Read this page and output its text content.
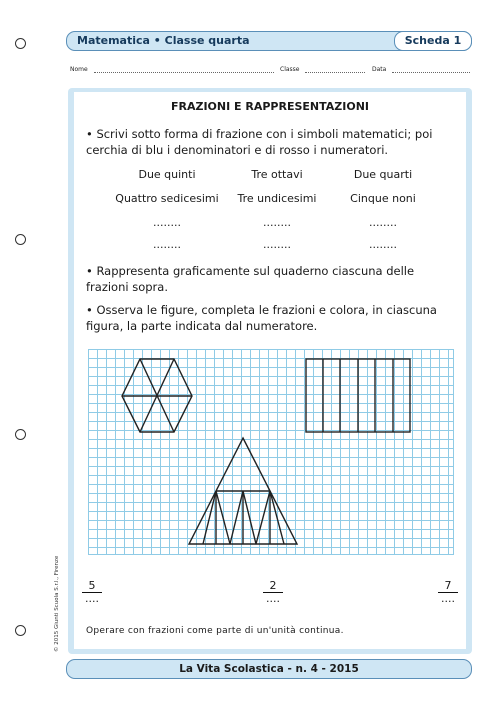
Matematica • Classe quarta	Scheda 1
Nome	Classe	Data
FRAZIONI E RAPPRESENTAZIONI
• Scrivi sotto forma di frazione con i simboli matematici; poi cerchia di blu i denominatori e di rosso i numeratori.
Due quinti	Tre ottavi	Due quarti
Quattro sedicesimi	Tre undicesimi	Cinque noni
........	........	........
........	........	........
• Rappresenta graficamente sul quaderno ciascuna delle frazioni sopra.
• Osserva le figure, completa le frazioni e colora, in ciascuna figura, la parte indicata dal numeratore.
5
....
2
....
7
....
Operare con frazioni come parte di un'unità continua.
© 2015 Giunti Scuola S.r.l., Firenze
La Vita Scolastica - n. 4 - 2015
